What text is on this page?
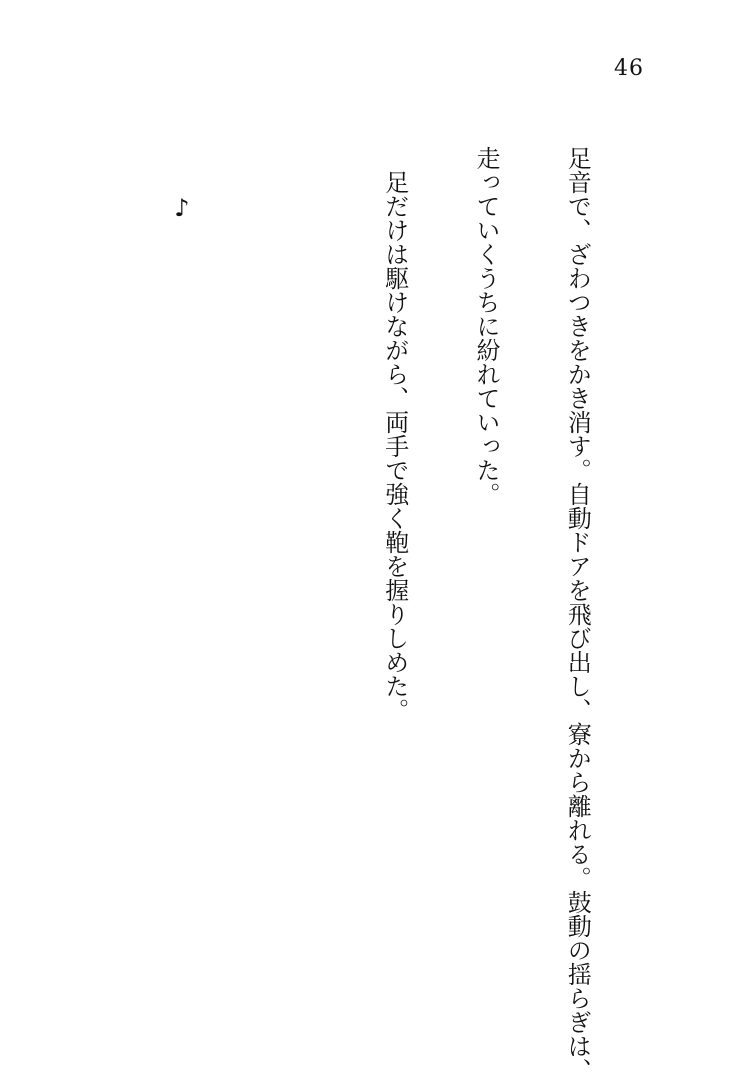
46

足音で、ざわつきをかき消す。自動ドアを飛び出し、寮から離れる。鼓動の揺らぎは、

走っていくうちに紛れていった。

　足だけは駆けながら、両手で強く鞄を握りしめた。

　　♪
